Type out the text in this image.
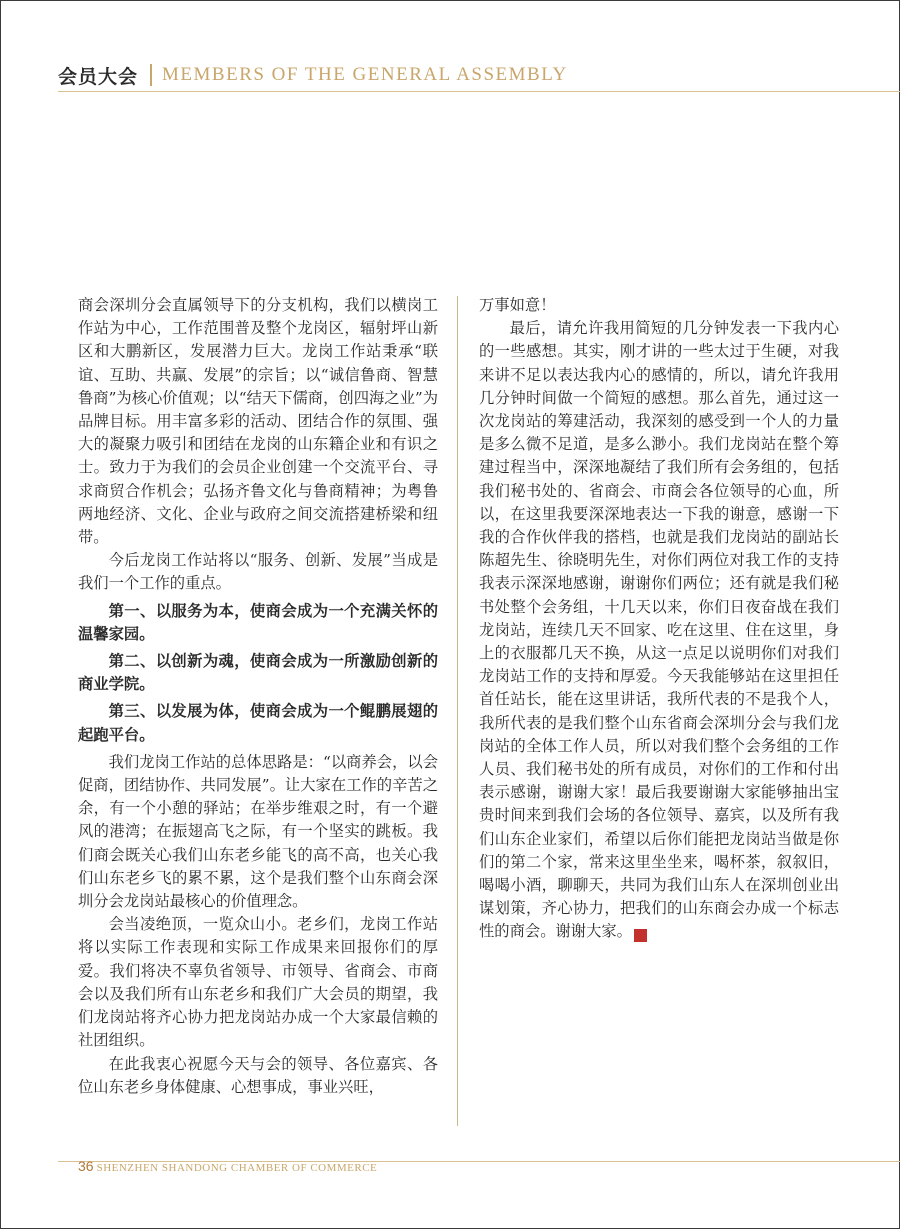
会员大会 MEMBERS OF THE GENERAL ASSEMBLY

商会深圳分会直属领导下的分支机构，我们以横岗工作站为中心，工作范围普及整个龙岗区，辐射坪山新区和大鹏新区，发展潜力巨大。龙岗工作站秉承“联谊、互助、共赢、发展”的宗旨；以“诚信鲁商、智慧鲁商”为核心价值观；以“结天下儒商，创四海之业”为品牌目标。用丰富多彩的活动、团结合作的氛围、强大的凝聚力吸引和团结在龙岗的山东籍企业和有识之士。致力于为我们的会员企业创建一个交流平台、寻求商贸合作机会；弘扬齐鲁文化与鲁商精神；为粤鲁两地经济、文化、企业与政府之间交流搭建桥梁和纽带。

今后龙岗工作站将以“服务、创新、发展”当成是我们一个工作的重点。

第一、以服务为本，使商会成为一个充满关怀的温馨家园。

第二、以创新为魂，使商会成为一所激励创新的商业学院。

第三、以发展为体，使商会成为一个鲲鹏展翅的起跑平台。

我们龙岗工作站的总体思路是：“以商养会，以会促商，团结协作、共同发展”。让大家在工作的辛苦之余，有一个小憩的驿站；在举步维艰之时，有一个避风的港湾；在振翅高飞之际，有一个坚实的跳板。我们商会既关心我们山东老乡能飞的高不高，也关心我们山东老乡飞的累不累，这个是我们整个山东商会深圳分会龙岗站最核心的价值理念。

会当凌绝顶，一览众山小。老乡们，龙岗工作站将以实际工作表现和实际工作成果来回报你们的厚爱。我们将决不辜负省领导、市领导、省商会、市商会以及我们所有山东老乡和我们广大会员的期望，我们龙岗站将齐心协力把龙岗站办成一个大家最信赖的社团组织。

在此我衷心祝愿今天与会的领导、各位嘉宾、各位山东老乡身体健康、心想事成，事业兴旺，

万事如意！

最后，请允许我用简短的几分钟发表一下我内心的一些感想。其实，刚才讲的一些太过于生硬，对我来讲不足以表达我内心的感情的，所以，请允许我用几分钟时间做一个简短的感想。那么首先，通过这一次龙岗站的筹建活动，我深刻的感受到一个人的力量是多么微不足道，是多么渺小。我们龙岗站在整个筹建过程当中，深深地凝结了我们所有会务组的，包括我们秘书处的、省商会、市商会各位领导的心血，所以，在这里我要深深地表达一下我的谢意，感谢一下我的合作伙伴我的搭档，也就是我们龙岗站的副站长陈超先生、徐晓明先生，对你们两位对我工作的支持我表示深深地感谢，谢谢你们两位；还有就是我们秘书处整个会务组，十几天以来，你们日夜奋战在我们龙岗站，连续几天不回家、吃在这里、住在这里，身上的衣服都几天不换，从这一点足以说明你们对我们龙岗站工作的支持和厚爱。今天我能够站在这里担任首任站长，能在这里讲话，我所代表的不是我个人，我所代表的是我们整个山东省商会深圳分会与我们龙岗站的全体工作人员，所以对我们整个会务组的工作人员、我们秘书处的所有成员，对你们的工作和付出表示感谢，谢谢大家！最后我要谢谢大家能够抽出宝贵时间来到我们会场的各位领导、嘉宾，以及所有我们山东企业家们，希望以后你们能把龙岗站当做是你们的第二个家，常来这里坐坐来，喝杯茶，叙叙旧，喝喝小酒，聊聊天，共同为我们山东人在深圳创业出谋划策，齐心协力，把我们的山东商会办成一个标志性的商会。谢谢大家。	鲁

36 SHENZHEN SHANDONG CHAMBER OF COMMERCE
